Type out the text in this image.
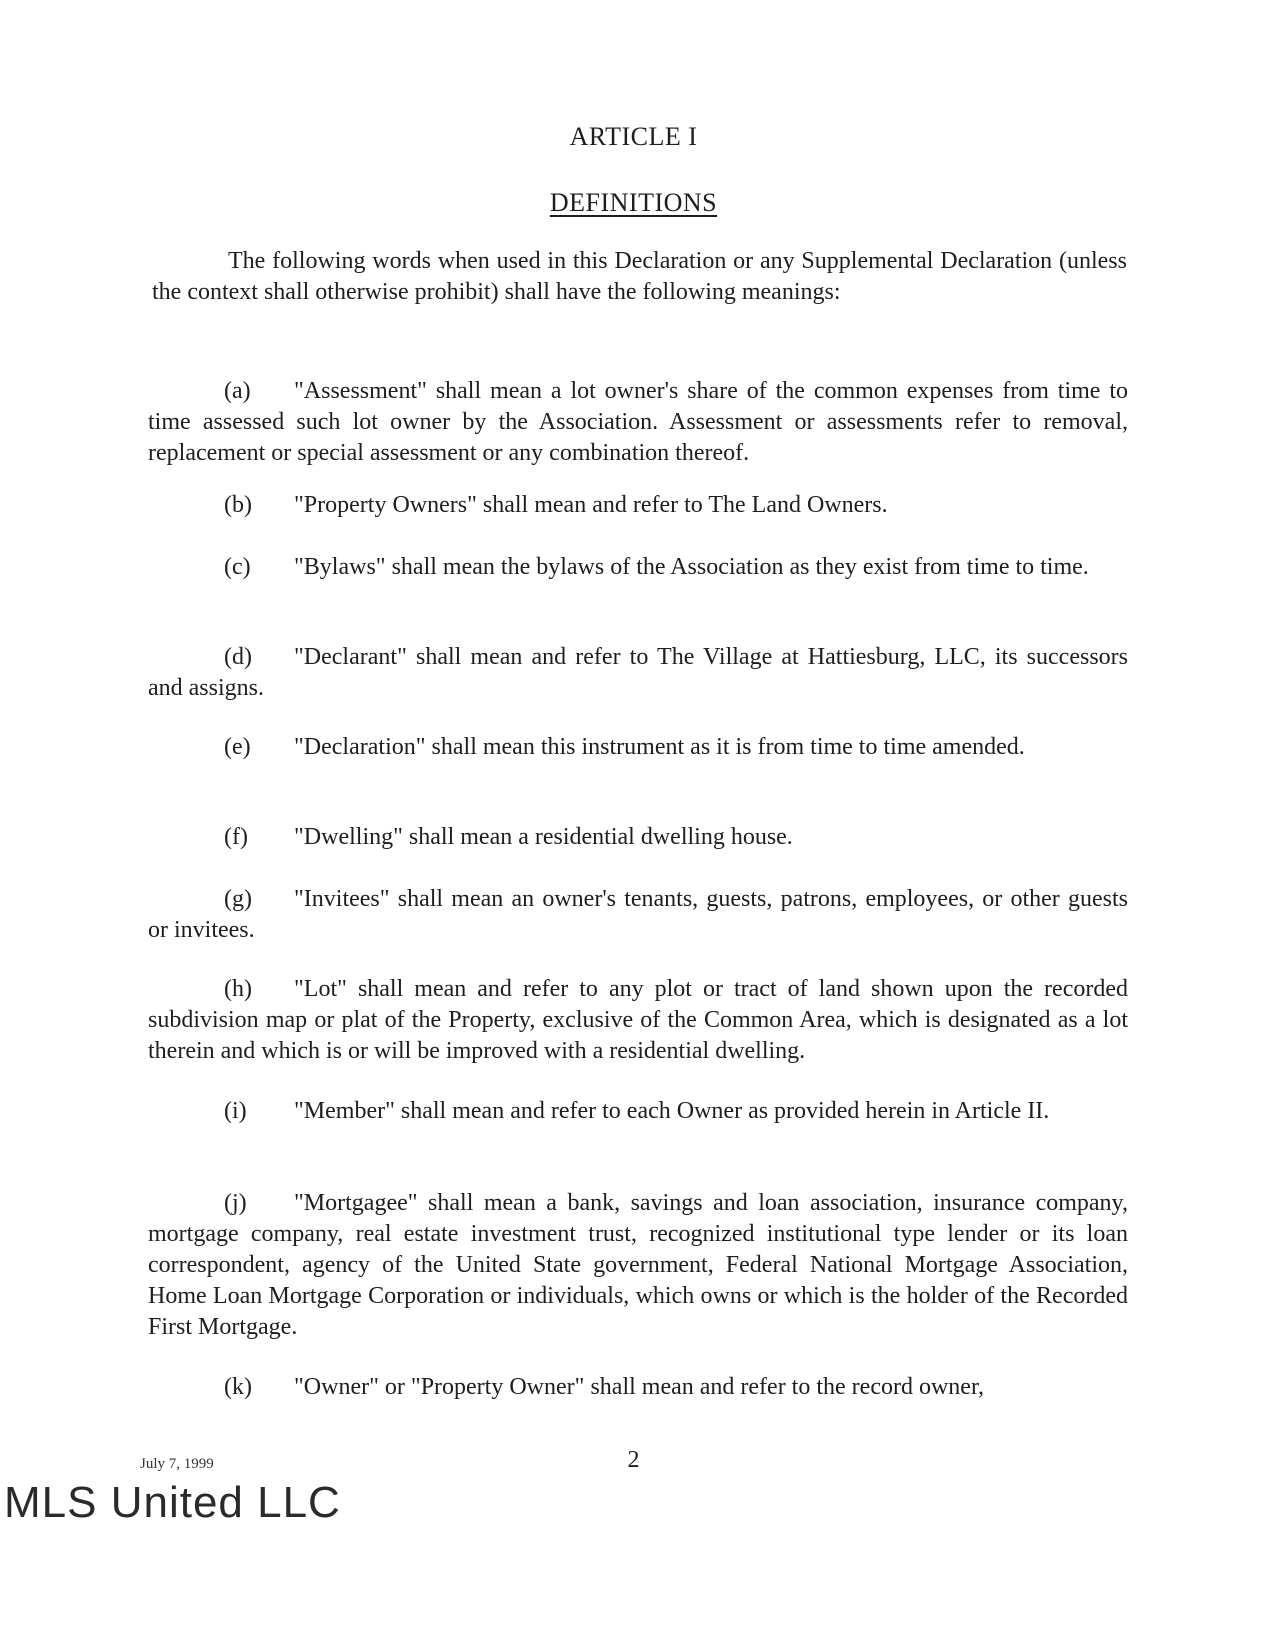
ARTICLE I
DEFINITIONS

The following words when used in this Declaration or any Supplemental Declaration (unless the context shall otherwise prohibit) shall have the following meanings:

(a) "Assessment" shall mean a lot owner's share of the common expenses from time to time assessed such lot owner by the Association. Assessment or assessments refer to removal, replacement or special assessment or any combination thereof.

(b) "Property Owners" shall mean and refer to The Land Owners.

(c) "Bylaws" shall mean the bylaws of the Association as they exist from time to time.

(d) "Declarant" shall mean and refer to The Village at Hattiesburg, LLC, its successors and assigns.

(e) "Declaration" shall mean this instrument as it is from time to time amended.

(f) "Dwelling" shall mean a residential dwelling house.

(g) "Invitees" shall mean an owner's tenants, guests, patrons, employees, or other guests or invitees.

(h) "Lot" shall mean and refer to any plot or tract of land shown upon the recorded subdivision map or plat of the Property, exclusive of the Common Area, which is designated as a lot therein and which is or will be improved with a residential dwelling.

(i) "Member" shall mean and refer to each Owner as provided herein in Article II.

(j) "Mortgagee" shall mean a bank, savings and loan association, insurance company, mortgage company, real estate investment trust, recognized institutional type lender or its loan correspondent, agency of the United State government, Federal National Mortgage Association, Home Loan Mortgage Corporation or individuals, which owns or which is the holder of the Recorded First Mortgage.

(k) "Owner" or "Property Owner" shall mean and refer to the record owner,

July 7, 1999	2
MLS United LLC
